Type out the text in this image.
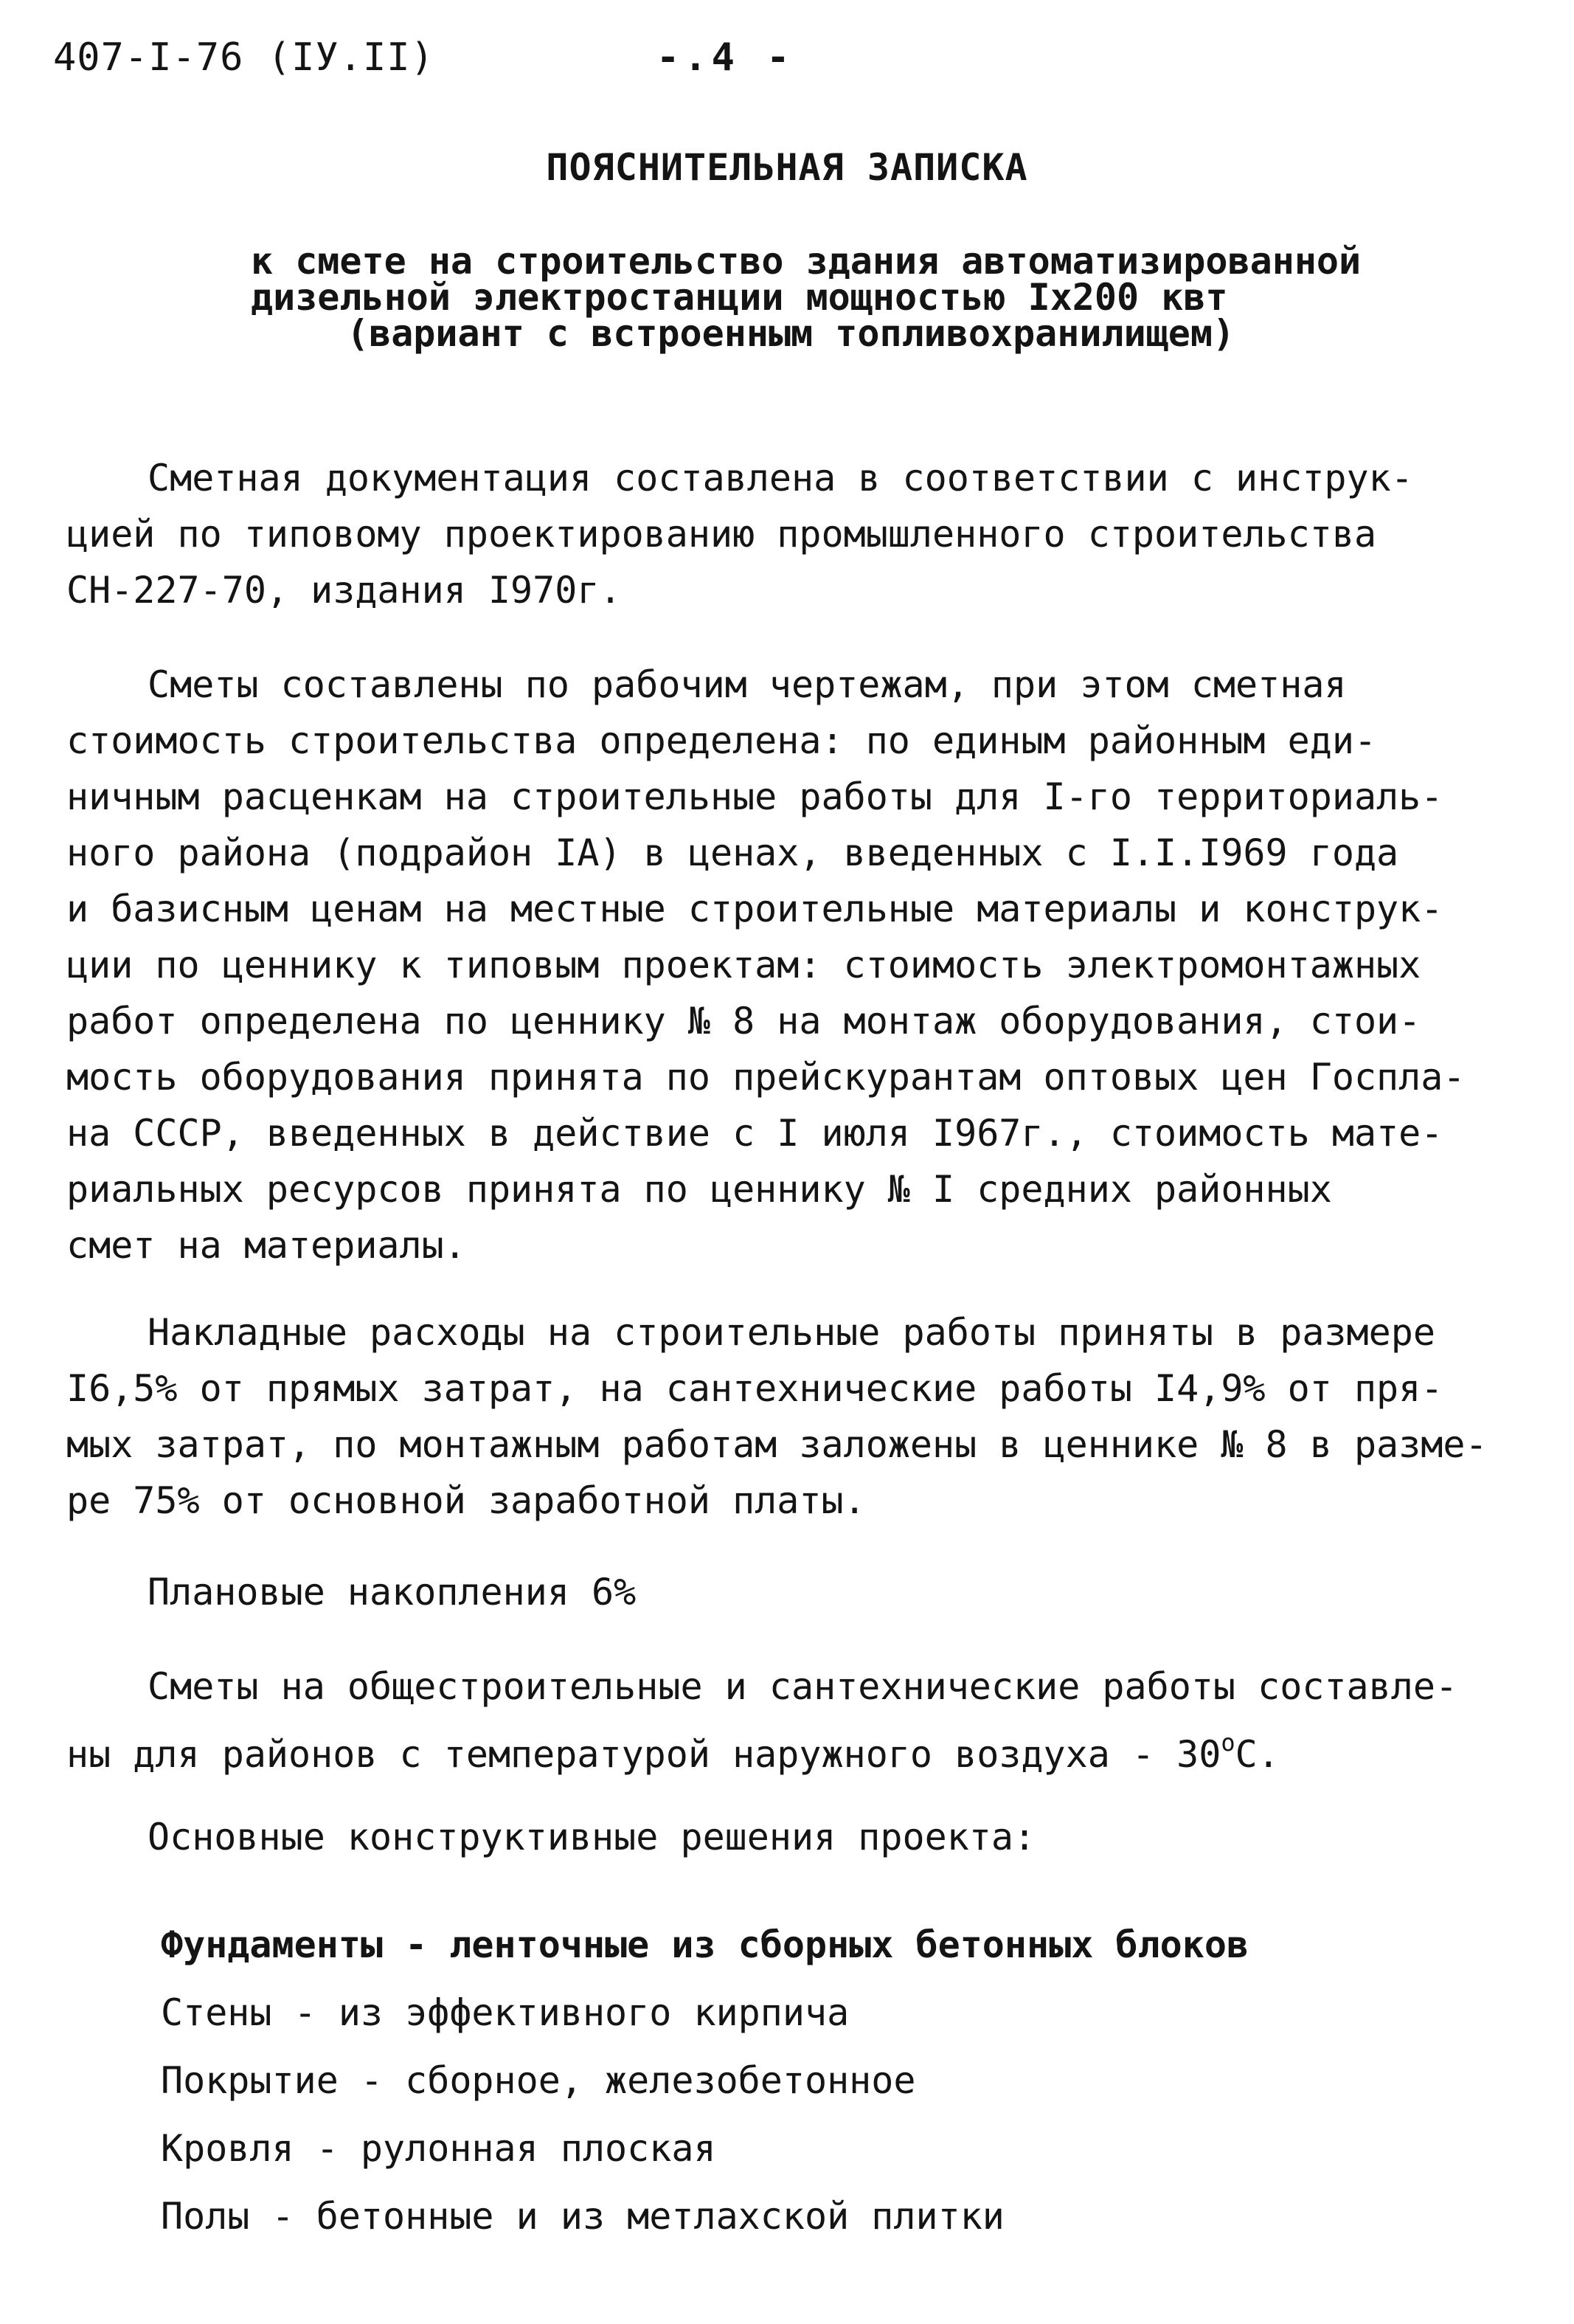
407-I-76 (IУ.II)	-.4 -
ПОЯСНИТЕЛЬНАЯ ЗАПИСКА
к смете на строительство здания автоматизированной
дизельной электростанции мощностью Iх200 квт
(вариант с встроенным топливохранилищем)
Сметная документация составлена в соответствии с инструк-
цией по типовому проектированию промышленного строительства
СН-227-70, издания I970г.
Сметы составлены по рабочим чертежам, при этом сметная
стоимость строительства определена: по единым районным еди-
ничным расценкам на строительные работы для I-го территориаль-
ного района (подрайон IА) в ценах, введенных с I.I.I969 года
и базисным ценам на местные строительные материалы и конструк-
ции по ценнику к типовым проектам: стоимость электромонтажных
работ определена по ценнику № 8 на монтаж оборудования, стои-
мость оборудования принята по прейскурантам оптовых цен Госпла-
на СССР, введенных в действие с I июля I967г., стоимость мате-
риальных ресурсов принята по ценнику № I средних районных
смет на материалы.
Накладные расходы на строительные работы приняты в размере
I6,5% от прямых затрат, на сантехнические работы I4,9% от пря-
мых затрат, по монтажным работам заложены в ценнике № 8 в разме-
ре 75% от основной заработной платы.
Плановые накопления 6%
Сметы на общестроительные и сантехнические работы составле-
ны для районов с температурой наружного воздуха - 30$^o$С.
Основные конструктивные решения проекта:
Фундаменты - ленточные из сборных бетонных блоков
Стены - из эффективного кирпича
Покрытие - сборное, железобетонное
Кровля - рулонная плоская
Полы - бетонные и из метлахской плитки
